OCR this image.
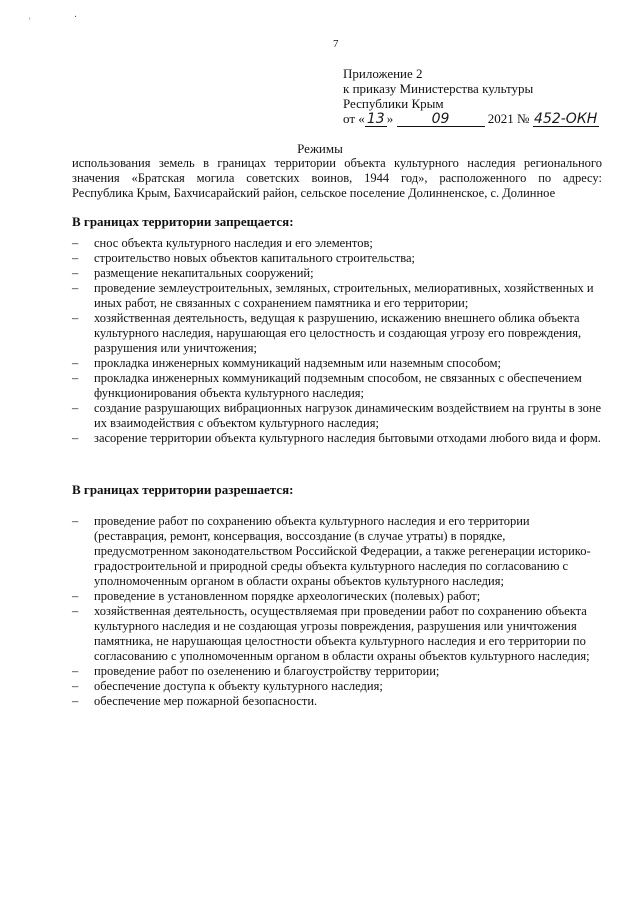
˒ ·
7
Приложение 2
к приказу Министерства культуры
Республики Крым
от « 13 »	09	2021 № 452-ОКН
Режимы
использования земель в границах территории объекта культурного наследия регионального
значения «Братская могила советских воинов, 1944 год», расположенного по адресу:
Республика Крым, Бахчисарайский район, сельское поселение Долинненское, с. Долинное
В границах территории запрещается:
– снос объекта культурного наследия и его элементов;
– строительство новых объектов капитального строительства;
– размещение некапитальных сооружений;
– проведение землеустроительных, земляных, строительных, мелиоративных, хозяйственных и иных работ, не связанных с сохранением памятника и его территории;
– хозяйственная деятельность, ведущая к разрушению, искажению внешнего облика объекта культурного наследия, нарушающая его целостность и создающая угрозу его повреждения, разрушения или уничтожения;
– прокладка инженерных коммуникаций надземным или наземным способом;
– прокладка инженерных коммуникаций подземным способом, не связанных с обеспечением функционирования объекта культурного наследия;
– создание разрушающих вибрационных нагрузок динамическим воздействием на грунты в зоне их взаимодействия с объектом культурного наследия;
– засорение территории объекта культурного наследия бытовыми отходами любого вида и форм.
В границах территории разрешается:
– проведение работ по сохранению объекта культурного наследия и его территории (реставрация, ремонт, консервация, воссоздание (в случае утраты) в порядке, предусмотренном законодательством Российской Федерации, а также регенерации историко-градостроительной и природной среды объекта культурного наследия по согласованию с уполномоченным органом в области охраны объектов культурного наследия;
– проведение в установленном порядке археологических (полевых) работ;
– хозяйственная деятельность, осуществляемая при проведении работ по сохранению объекта культурного наследия и не создающая угрозы повреждения, разрушения или уничтожения памятника, не нарушающая целостности объекта культурного наследия и его территории по согласованию с уполномоченным органом в области охраны объектов культурного наследия;
– проведение работ по озеленению и благоустройству территории;
– обеспечение доступа к объекту культурного наследия;
– обеспечение мер пожарной безопасности.
